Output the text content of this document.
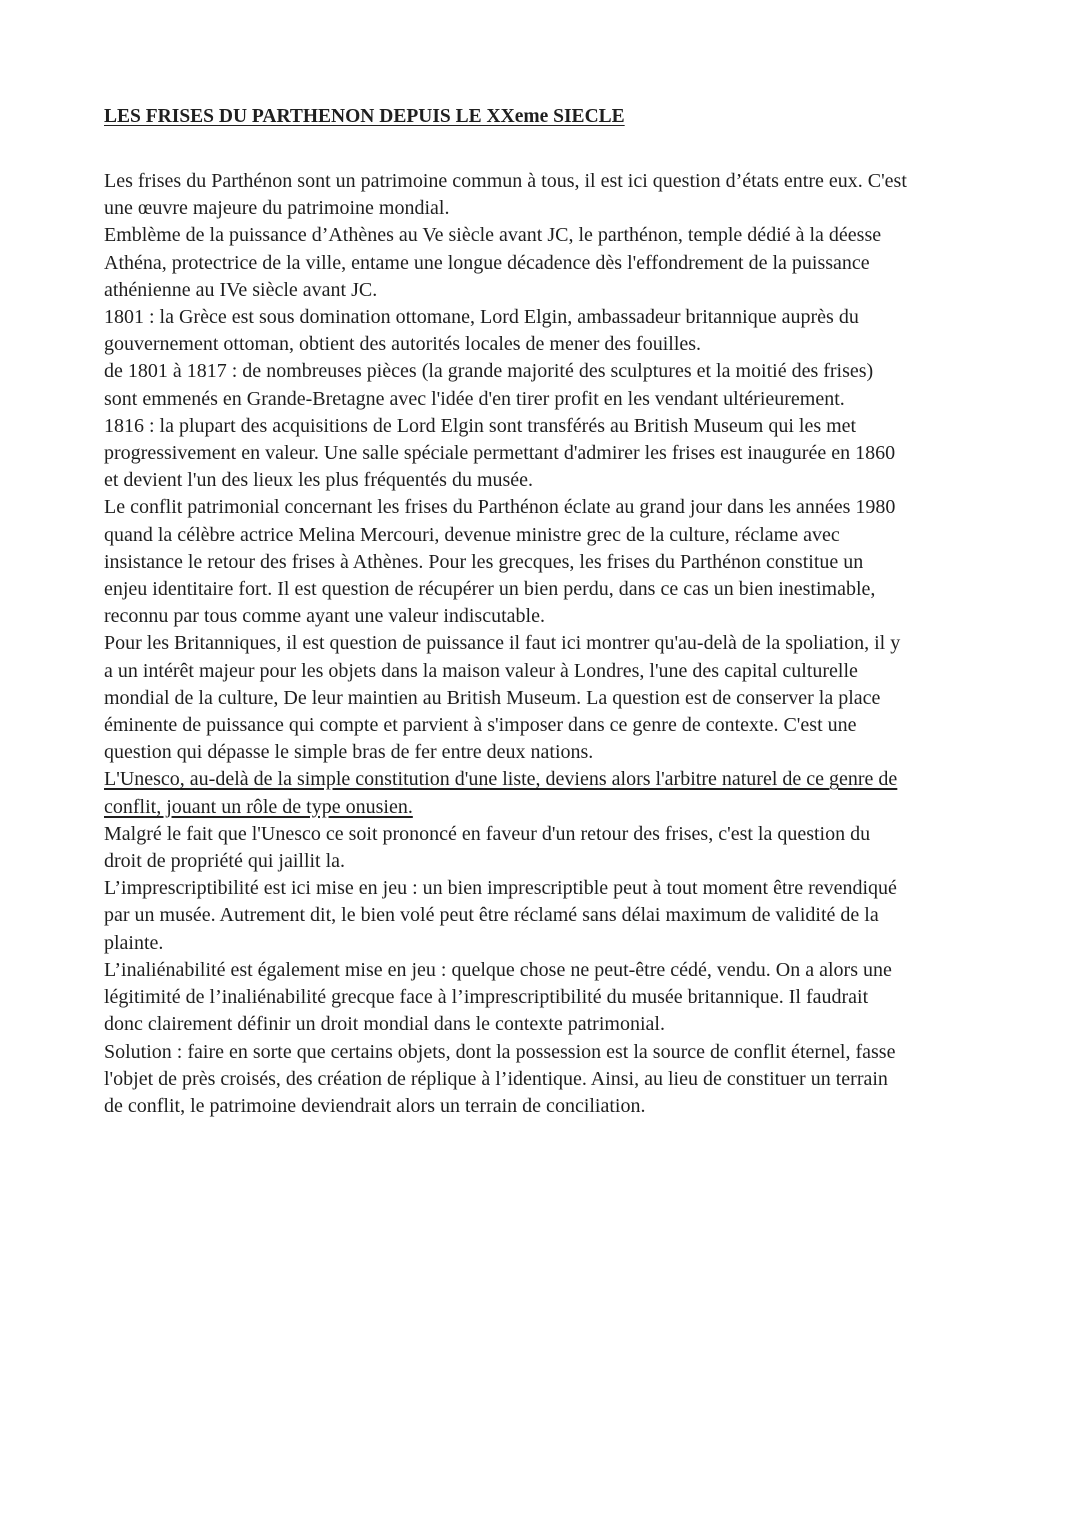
LES FRISES DU PARTHENON DEPUIS LE XXeme SIECLE

Les frises du Parthénon sont un patrimoine commun à tous, il est ici question d’états entre eux. C'est
une œuvre majeure du patrimoine mondial.

Emblème de la puissance d’Athènes au Ve siècle avant JC, le parthénon, temple dédié à la déesse
Athéna, protectrice de la ville, entame une longue décadence dès l'effondrement de la puissance
athénienne au IVe siècle avant JC.

1801 : la Grèce est sous domination ottomane, Lord Elgin, ambassadeur britannique auprès du
gouvernement ottoman, obtient des autorités locales de mener des fouilles.

de 1801 à 1817 : de nombreuses pièces (la grande majorité des sculptures et la moitié des frises)
sont emmenés en Grande-Bretagne avec l'idée d'en tirer profit en les vendant ultérieurement.

1816 : la plupart des acquisitions de Lord Elgin sont transférés au British Museum qui les met
progressivement en valeur. Une salle spéciale permettant d'admirer les frises est inaugurée en 1860
et devient l'un des lieux les plus fréquentés du musée.

Le conflit patrimonial concernant les frises du Parthénon éclate au grand jour dans les années 1980
quand la célèbre actrice Melina Mercouri, devenue ministre grec de la culture, réclame avec
insistance le retour des frises à Athènes. Pour les grecques, les frises du Parthénon constitue un
enjeu identitaire fort. Il est question de récupérer un bien perdu, dans ce cas un bien inestimable,
reconnu par tous comme ayant une valeur indiscutable.

Pour les Britanniques, il est question de puissance il faut ici montrer qu'au-delà de la spoliation, il y
a un intérêt majeur pour les objets dans la maison valeur à Londres, l'une des capital culturelle
mondial de la culture, De leur maintien au British Museum. La question est de conserver la place
éminente de puissance qui compte et parvient à s'imposer dans ce genre de contexte. C'est une
question qui dépasse le simple bras de fer entre deux nations.

L'Unesco, au-delà de la simple constitution d'une liste, deviens alors l'arbitre naturel de ce genre de
conflit, jouant un rôle de type onusien.

Malgré le fait que l'Unesco ce soit prononcé en faveur d'un retour des frises, c'est la question du
droit de propriété qui jaillit la.

L’imprescriptibilité est ici mise en jeu : un bien imprescriptible peut à tout moment être revendiqué
par un musée. Autrement dit, le bien volé peut être réclamé sans délai maximum de validité de la
plainte.

L’inaliénabilité est également mise en jeu : quelque chose ne peut-être cédé, vendu. On a alors une
légitimité de l’inaliénabilité grecque face à l’imprescriptibilité du musée britannique. Il faudrait
donc clairement définir un droit mondial dans le contexte patrimonial.

Solution : faire en sorte que certains objets, dont la possession est la source de conflit éternel, fasse
l'objet de près croisés, des création de réplique à l’identique. Ainsi, au lieu de constituer un terrain
de conflit, le patrimoine deviendrait alors un terrain de conciliation.
